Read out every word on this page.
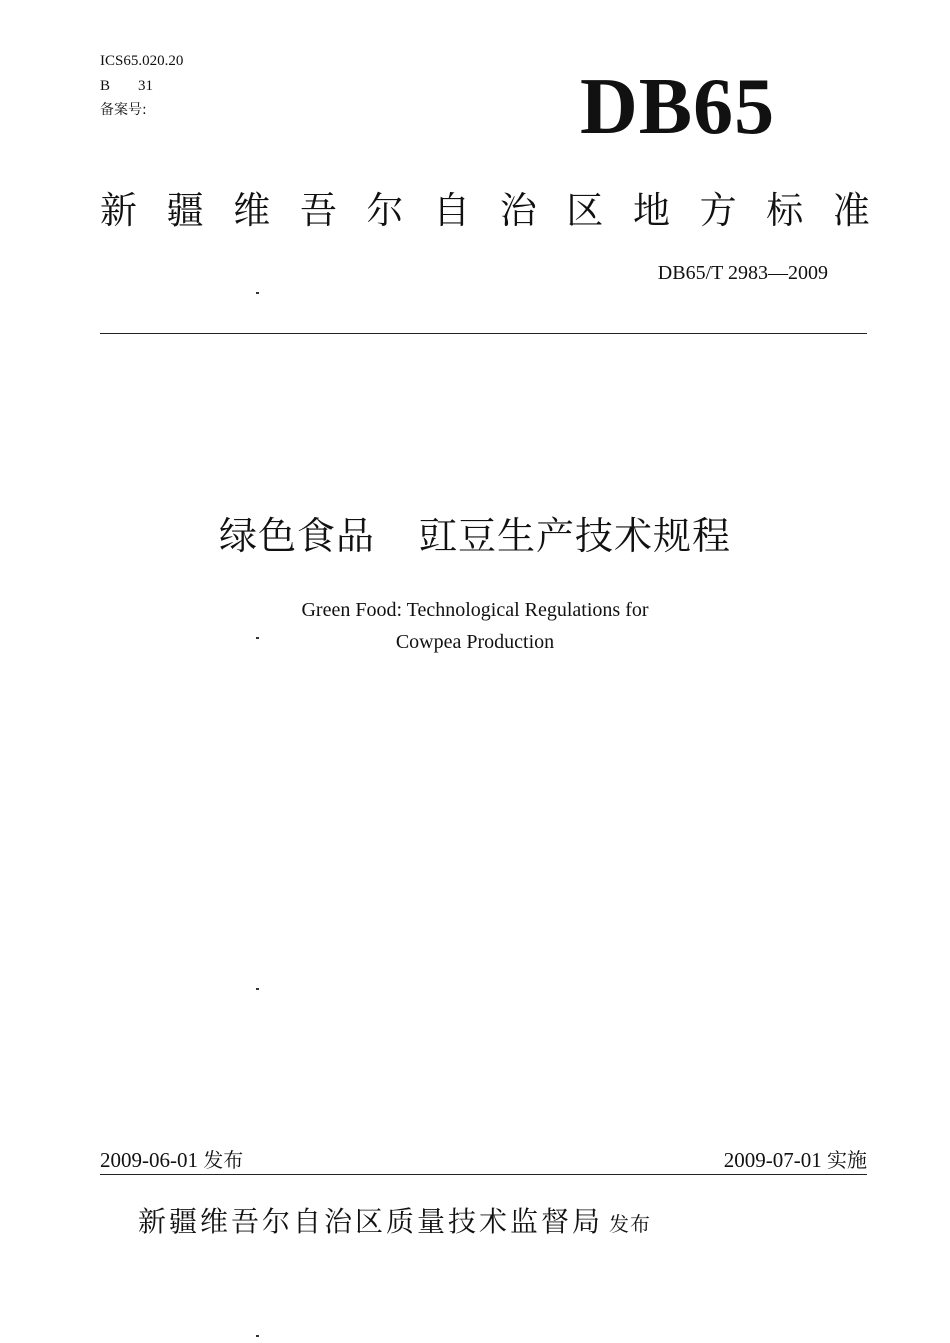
ICS65.020.20
B 31
备案号:	DB65
新 疆 维 吾 尔 自 治 区 地 方 标 准
DB65/T 2983—2009
绿色食品 豇豆生产技术规程
Green Food: Technological Regulations for
Cowpea Production
2009-06-01 发布	2009-07-01 实施
新疆维吾尔自治区质量技术监督局 发布
